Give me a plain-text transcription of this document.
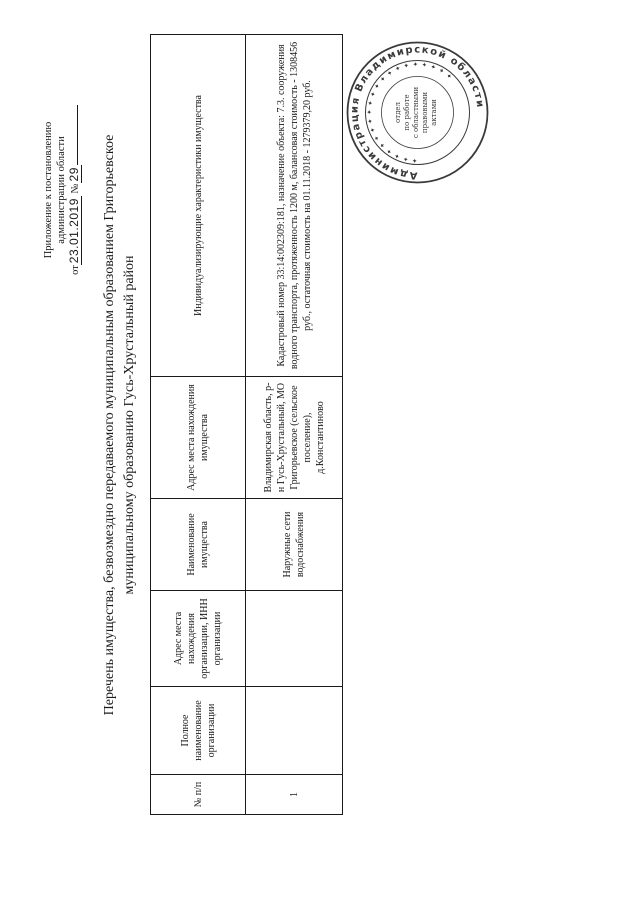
Приложение к постановлению администрации области
от23.01.2019 №29 Перечень имущества, безвозмездно передаваемого муниципальным образованием Григорьевское муниципальному образованию Гусь-Хрустальный район
№ п/п	Полное наименование организации	Адрес места нахождения организации, ИНН организации	Наименование имущества	Адрес места нахождения имущества	Индивидуализирующие характеристики имущества
1			Наружные сети водоснабжения	Владимирская область, р-н Гусь-Хрустальный, МО Григорьевское (сельское поселение), д.Константиново	Кадастровый номер 33:14:002309:181, назначение объекта: 7.3. сооружения водного транспорта, протяженность 1200 м, балансовая стоимость - 1308456 руб., остаточная стоимость на 01.11.2018 - 1279379,20 руб.	Администрация Владимирской области
✦ ✦ ✦ ✦ ✦ ✦ ✦ ✦ ✦ ✦ ✦ ✦ ✦ ✦ ✦ ✦ ✦ ✦ ✦ ✦ ✦
отдел по работе с областными правовыми актами
